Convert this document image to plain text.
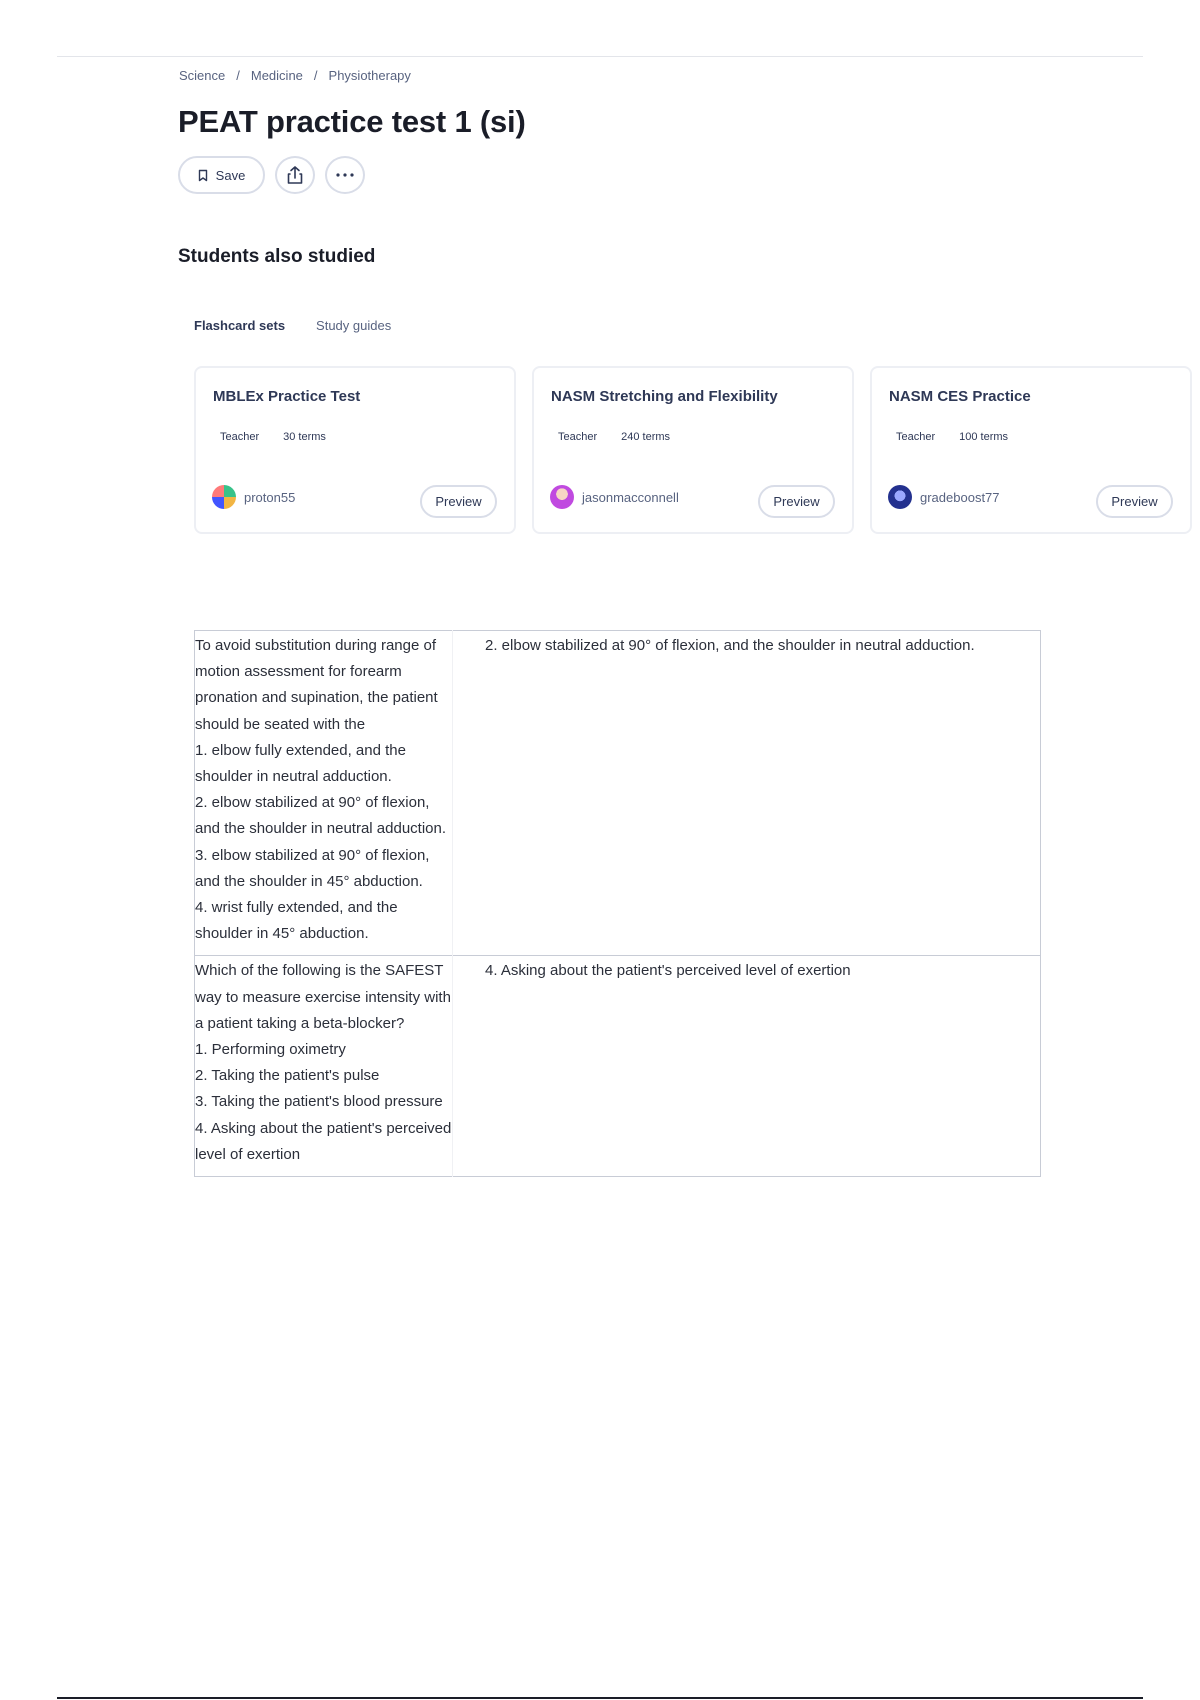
Science / Medicine / Physiotherapy
PEAT practice test 1 (si)
Save
Students also studied
Flashcard sets Study guides
MBLEx Practice Test
Teacher 30 terms
proton55	Preview
NASM Stretching and Flexibility
Teacher 240 terms
jasonmacconnell	Preview
NASM CES Practice
Teacher 100 terms
gradeboost77	Preview
To avoid substitution during range of motion assessment for forearm pronation and supination, the patient should be seated with the
1. elbow fully extended, and the shoulder in neutral adduction.
2. elbow stabilized at 90° of flexion, and the shoulder in neutral adduction.
3. elbow stabilized at 90° of flexion, and the shoulder in 45° abduction.
4. wrist fully extended, and the shoulder in 45° abduction.	2. elbow stabilized at 90° of flexion, and the shoulder in neutral adduction.
Which of the following is the SAFEST way to measure exercise intensity with a patient taking a beta-blocker?
1. Performing oximetry
2. Taking the patient's pulse
3. Taking the patient's blood pressure
4. Asking about the patient's perceived level of exertion	4. Asking about the patient's perceived level of exertion
